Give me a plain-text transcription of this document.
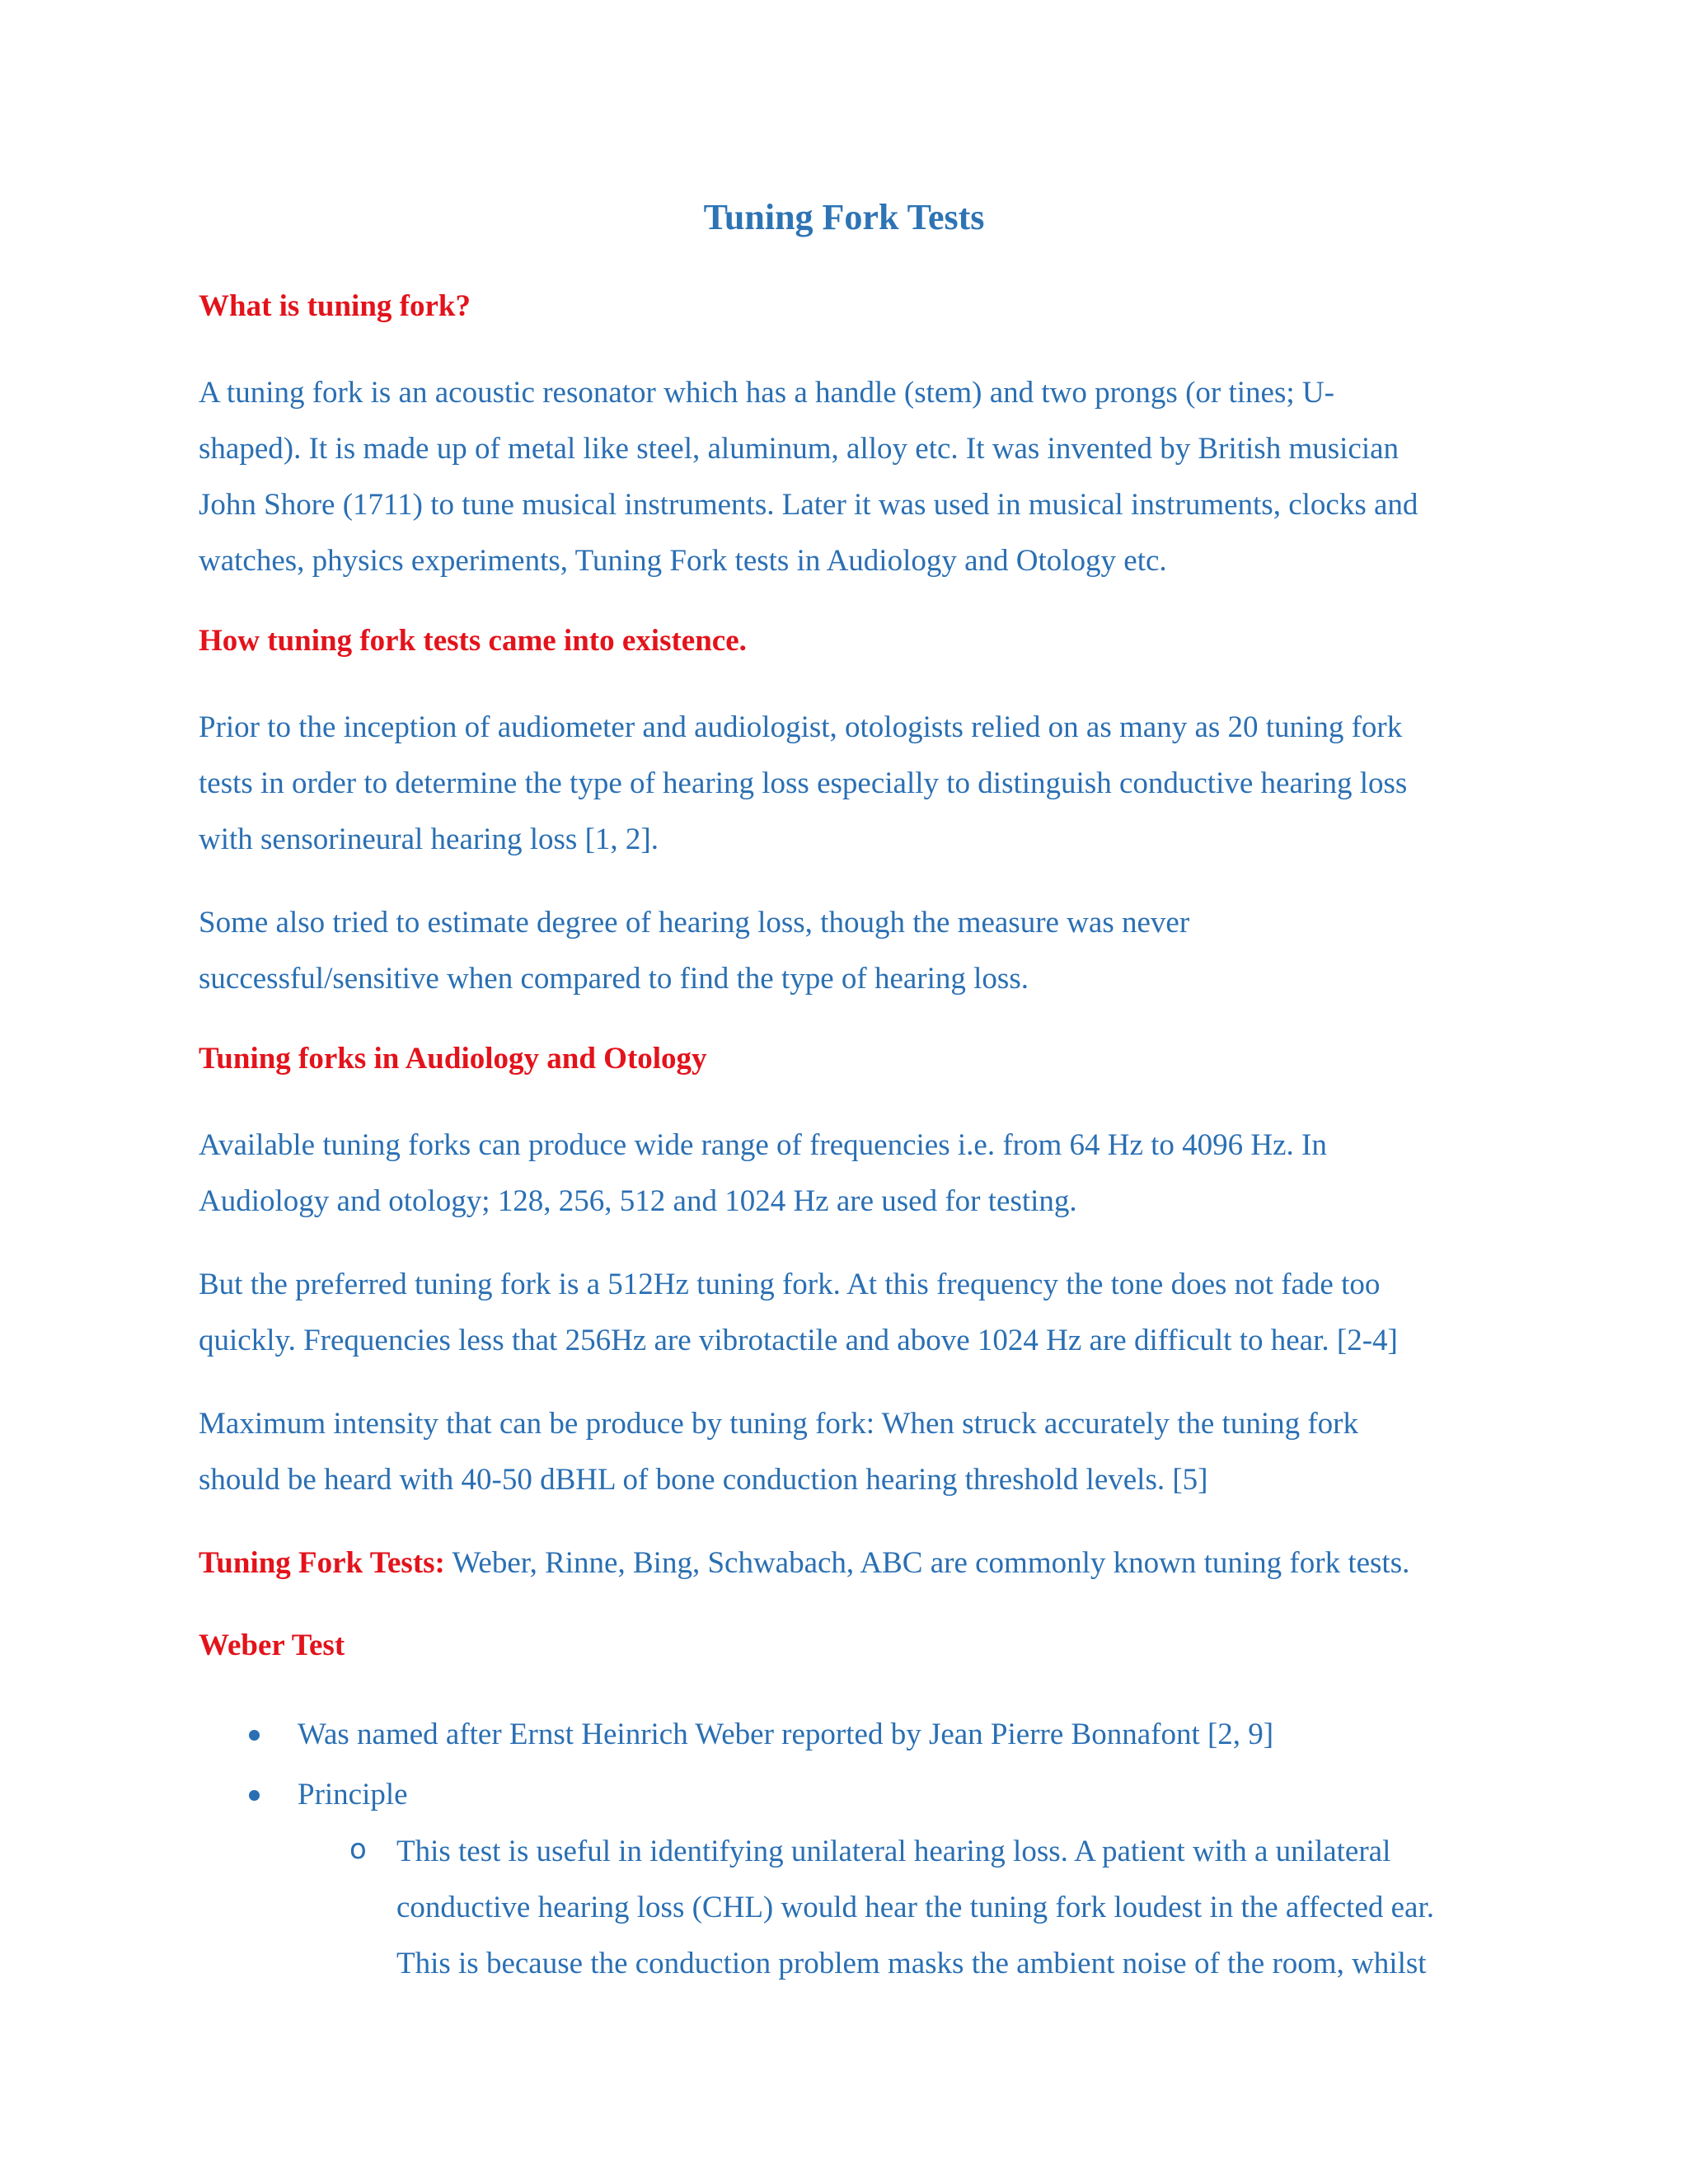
Tuning Fork Tests
What is tuning fork?

A tuning fork is an acoustic resonator which has a handle (stem) and two prongs (or tines; U-
shaped). It is made up of metal like steel, aluminum, alloy etc. It was invented by British musician
John Shore (1711) to tune musical instruments. Later it was used in musical instruments, clocks and
watches, physics experiments, Tuning Fork tests in Audiology and Otology etc.

How tuning fork tests came into existence.

Prior to the inception of audiometer and audiologist, otologists relied on as many as 20 tuning fork
tests in order to determine the type of hearing loss especially to distinguish conductive hearing loss
with sensorineural hearing loss [1, 2].

Some also tried to estimate degree of hearing loss, though the measure was never
successful/sensitive when compared to find the type of hearing loss.

Tuning forks in Audiology and Otology

Available tuning forks can produce wide range of frequencies i.e. from 64 Hz to 4096 Hz. In
Audiology and otology; 128, 256, 512 and 1024 Hz are used for testing.

But the preferred tuning fork is a 512Hz tuning fork. At this frequency the tone does not fade too
quickly. Frequencies less that 256Hz are vibrotactile and above 1024 Hz are difficult to hear. [2-4]

Maximum intensity that can be produce by tuning fork: When struck accurately the tuning fork
should be heard with 40-50 dBHL of bone conduction hearing threshold levels. [5]

Tuning Fork Tests: Weber, Rinne, Bing, Schwabach, ABC are commonly known tuning fork tests.

Weber Test
Was named after Ernst Heinrich Weber reported by Jean Pierre Bonnafont [2, 9]
Principle
o This test is useful in identifying unilateral hearing loss. A patient with a unilateral
conductive hearing loss (CHL) would hear the tuning fork loudest in the affected ear.
This is because the conduction problem masks the ambient noise of the room, whilst
